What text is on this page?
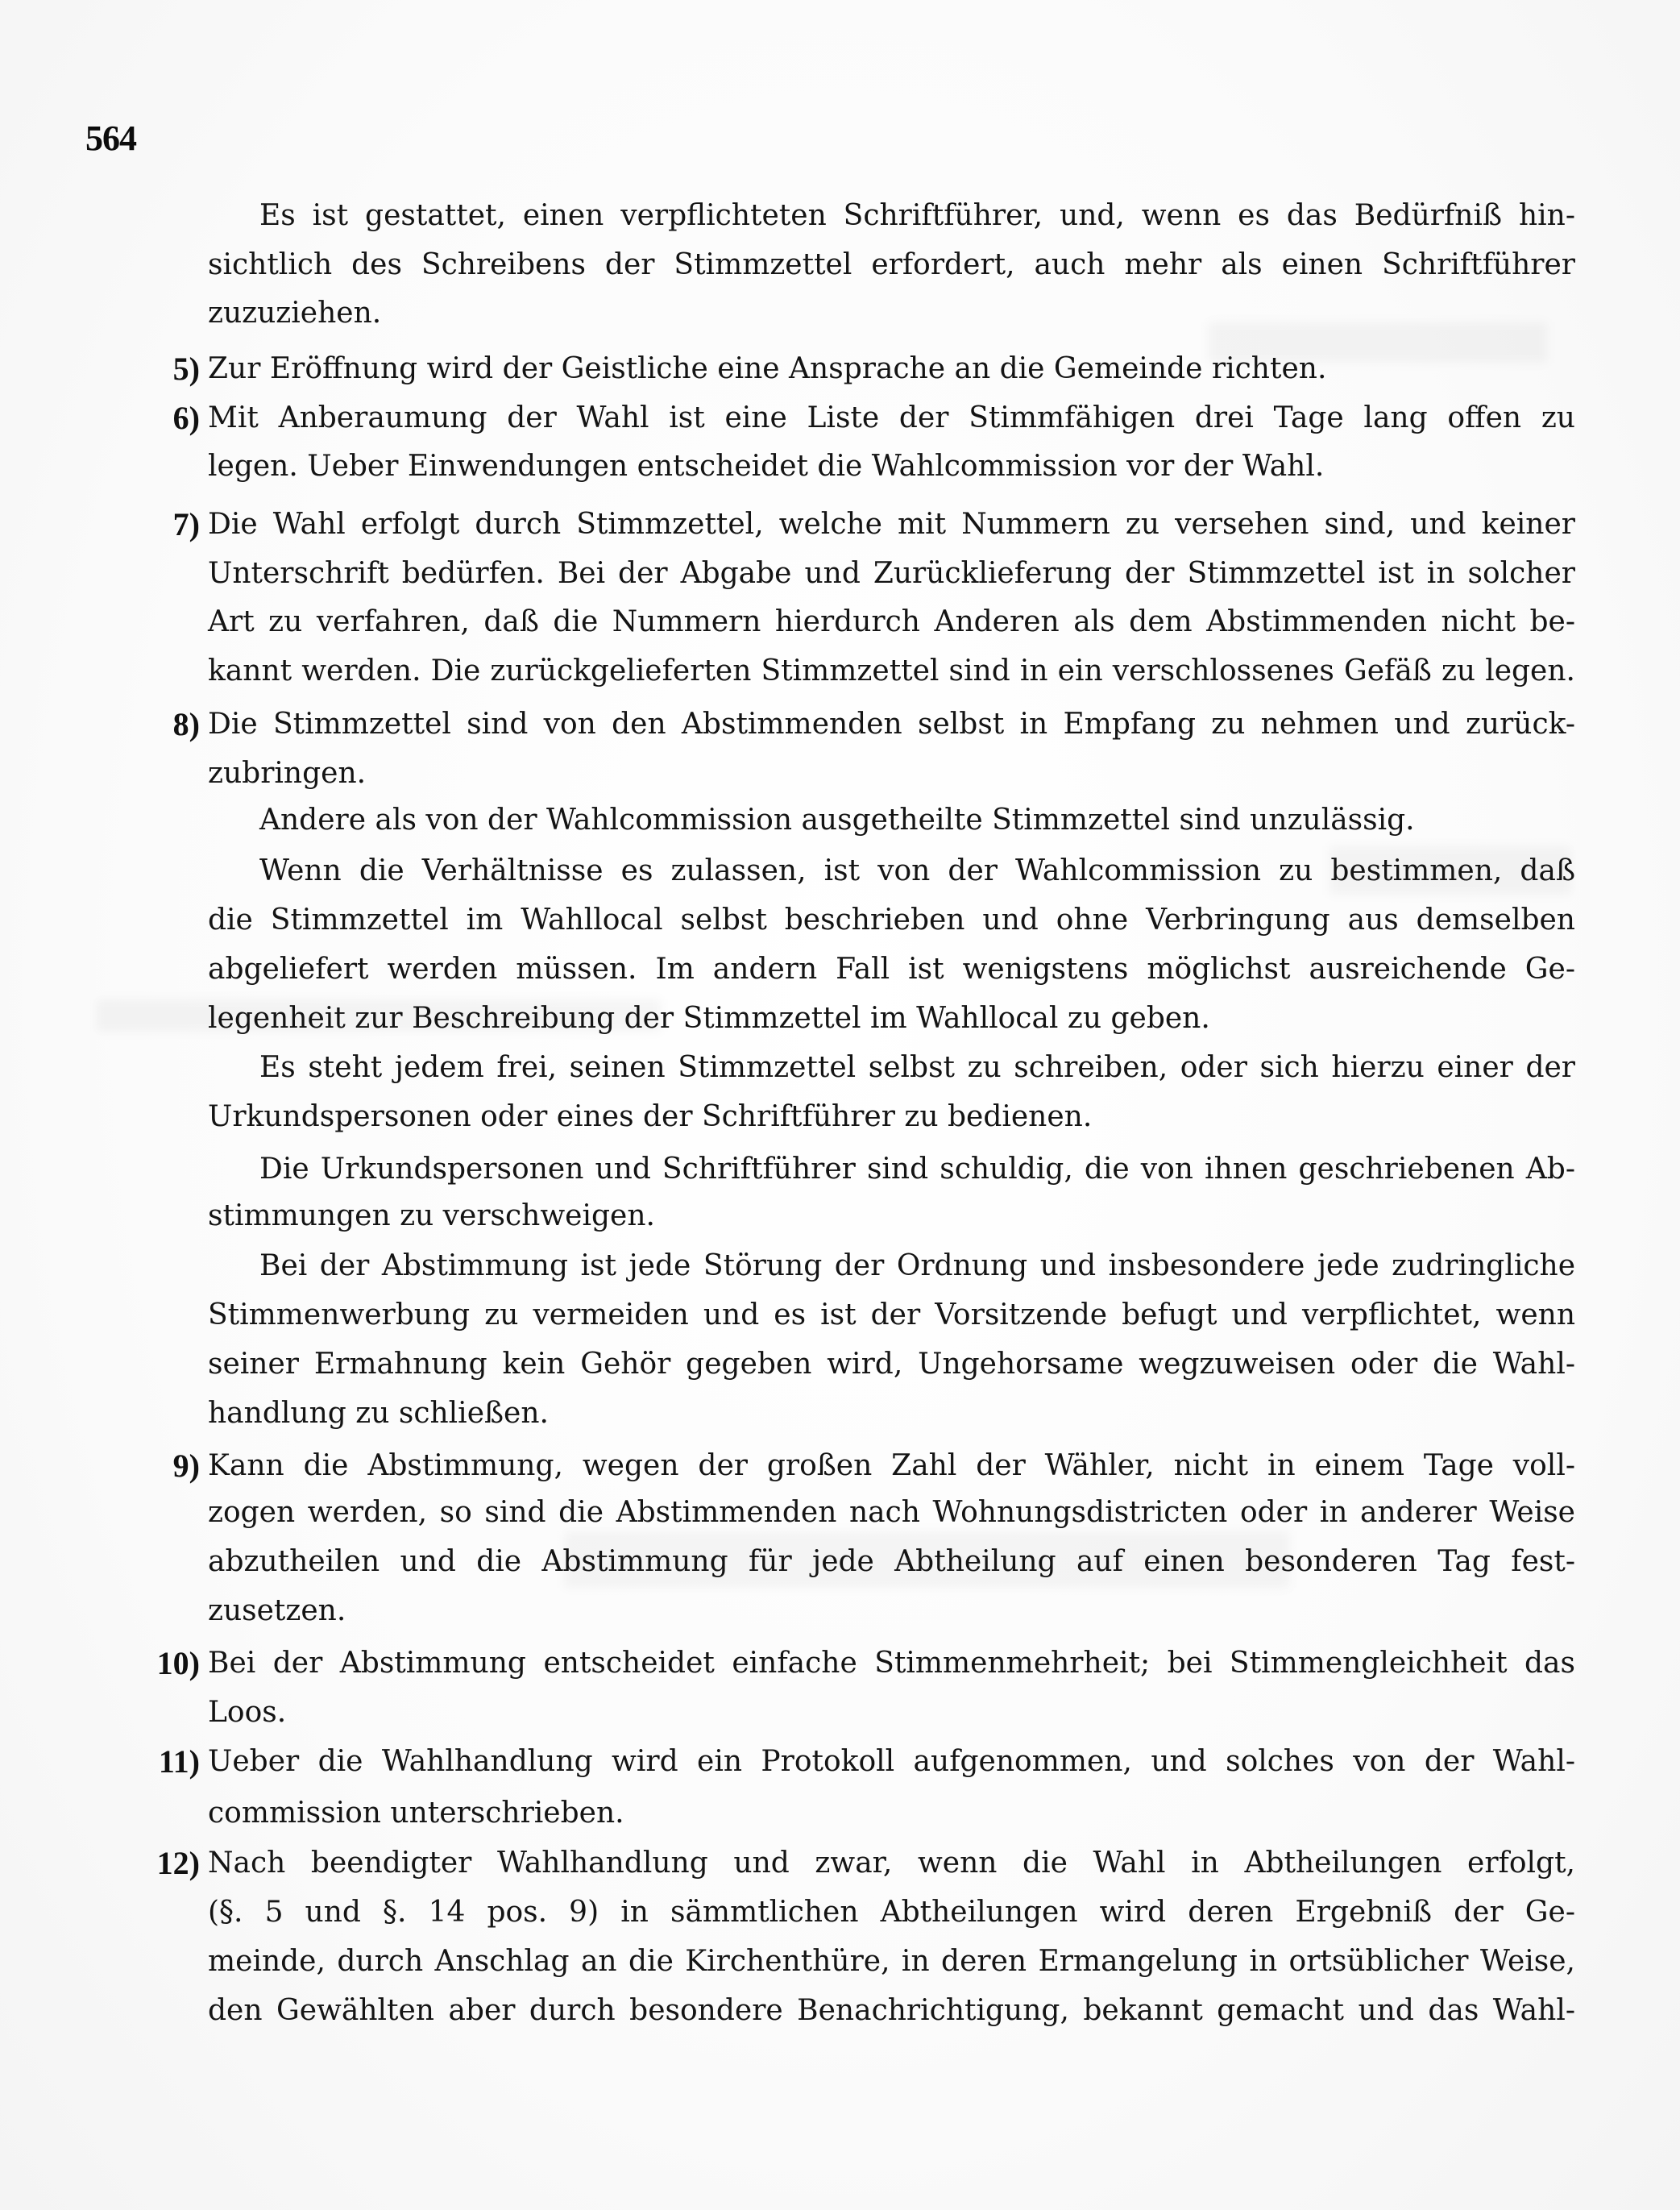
564
Es ist gestattet, einen verpflichteten Schriftführer, und, wenn es das Bedürfniß hin-
sichtlich des Schreibens der Stimmzettel erfordert, auch mehr als einen Schriftführer
zuzuziehen.
5) Zur Eröffnung wird der Geistliche eine Ansprache an die Gemeinde richten.
6) Mit Anberaumung der Wahl ist eine Liste der Stimmfähigen drei Tage lang offen zu
legen. Ueber Einwendungen entscheidet die Wahlcommission vor der Wahl.
7) Die Wahl erfolgt durch Stimmzettel, welche mit Nummern zu versehen sind, und keiner
Unterschrift bedürfen. Bei der Abgabe und Zurücklieferung der Stimmzettel ist in solcher
Art zu verfahren, daß die Nummern hierdurch Anderen als dem Abstimmenden nicht be-
kannt werden. Die zurückgelieferten Stimmzettel sind in ein verschlossenes Gefäß zu legen.
8) Die Stimmzettel sind von den Abstimmenden selbst in Empfang zu nehmen und zurück-
zubringen.
Andere als von der Wahlcommission ausgetheilte Stimmzettel sind unzulässig.
Wenn die Verhältnisse es zulassen, ist von der Wahlcommission zu bestimmen, daß
die Stimmzettel im Wahllocal selbst beschrieben und ohne Verbringung aus demselben
abgeliefert werden müssen. Im andern Fall ist wenigstens möglichst ausreichende Ge-
legenheit zur Beschreibung der Stimmzettel im Wahllocal zu geben.
Es steht jedem frei, seinen Stimmzettel selbst zu schreiben, oder sich hierzu einer der
Urkundspersonen oder eines der Schriftführer zu bedienen.
Die Urkundspersonen und Schriftführer sind schuldig, die von ihnen geschriebenen Ab-
stimmungen zu verschweigen.
Bei der Abstimmung ist jede Störung der Ordnung und insbesondere jede zudringliche
Stimmenwerbung zu vermeiden und es ist der Vorsitzende befugt und verpflichtet, wenn
seiner Ermahnung kein Gehör gegeben wird, Ungehorsame wegzuweisen oder die Wahl-
handlung zu schließen.
9) Kann die Abstimmung, wegen der großen Zahl der Wähler, nicht in einem Tage voll-
zogen werden, so sind die Abstimmenden nach Wohnungsdistricten oder in anderer Weise
abzutheilen und die Abstimmung für jede Abtheilung auf einen besonderen Tag fest-
zusetzen.
10) Bei der Abstimmung entscheidet einfache Stimmenmehrheit; bei Stimmengleichheit das
Loos.
11) Ueber die Wahlhandlung wird ein Protokoll aufgenommen, und solches von der Wahl-
commission unterschrieben.
12) Nach beendigter Wahlhandlung und zwar, wenn die Wahl in Abtheilungen erfolgt,
(§. 5 und §. 14 pos. 9) in sämmtlichen Abtheilungen wird deren Ergebniß der Ge-
meinde, durch Anschlag an die Kirchenthüre, in deren Ermangelung in ortsüblicher Weise,
den Gewählten aber durch besondere Benachrichtigung, bekannt gemacht und das Wahl-
